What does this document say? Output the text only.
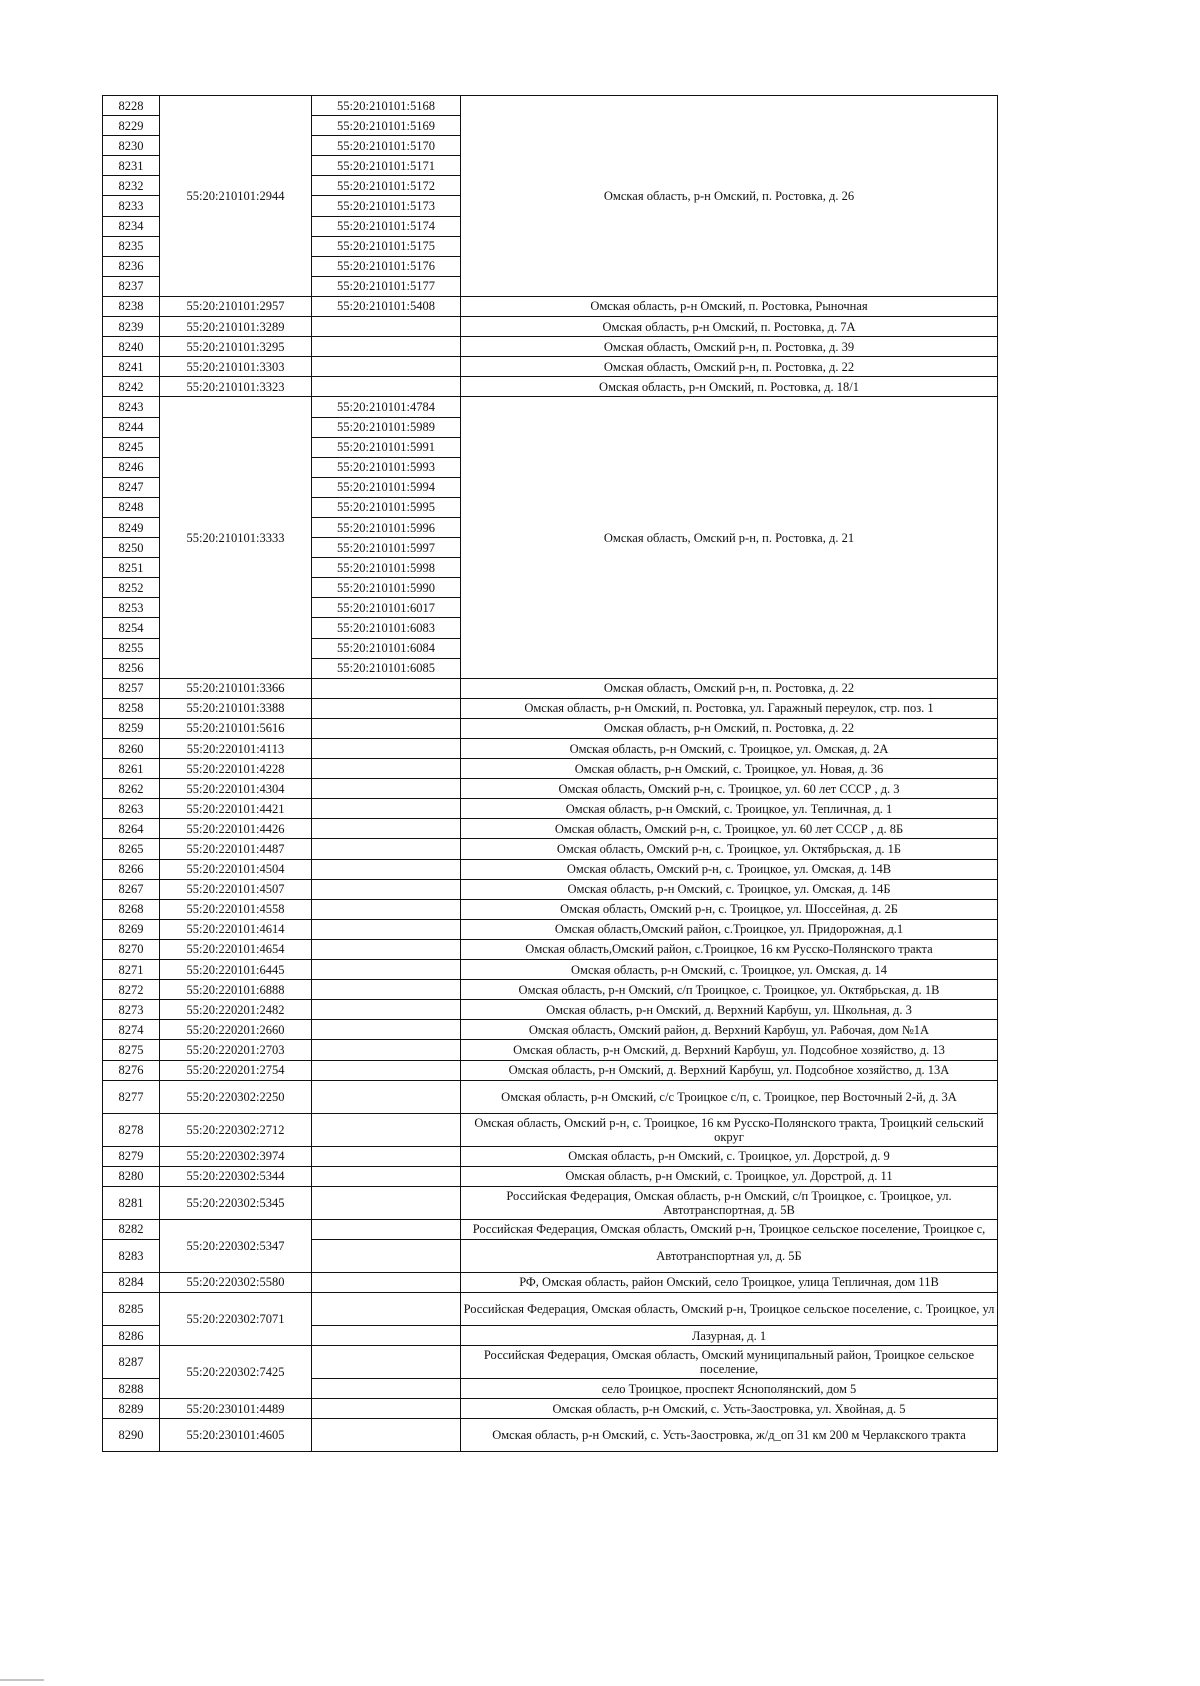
8228	55:20:210101:2944	55:20:210101:5168	Омская область, р-н Омский, п. Ростовка, д. 26
8229		55:20:210101:5169	
8230		55:20:210101:5170	
8231		55:20:210101:5171	
8232		55:20:210101:5172	
8233		55:20:210101:5173	
8234		55:20:210101:5174	
8235		55:20:210101:5175	
8236		55:20:210101:5176	
8237		55:20:210101:5177	
8238	55:20:210101:2957	55:20:210101:5408	Омская область, р-н Омский, п. Ростовка, Рыночная
8239	55:20:210101:3289		Омская область, р-н Омский, п. Ростовка, д. 7А
8240	55:20:210101:3295		Омская область, Омский р-н, п. Ростовка, д. 39
8241	55:20:210101:3303		Омская область, Омский р-н, п. Ростовка, д. 22
8242	55:20:210101:3323		Омская область, р-н Омский, п. Ростовка, д. 18/1
8243	55:20:210101:3333	55:20:210101:4784	Омская область, Омский р-н, п. Ростовка, д. 21
8244		55:20:210101:5989	
8245		55:20:210101:5991	
8246		55:20:210101:5993	
8247		55:20:210101:5994	
8248		55:20:210101:5995	
8249		55:20:210101:5996	
8250		55:20:210101:5997	
8251		55:20:210101:5998	
8252		55:20:210101:5990	
8253		55:20:210101:6017	
8254		55:20:210101:6083	
8255		55:20:210101:6084	
8256		55:20:210101:6085	
8257	55:20:210101:3366		Омская область, Омский р-н, п. Ростовка, д. 22
8258	55:20:210101:3388		Омская область, р-н Омский, п. Ростовка, ул. Гаражный переулок, стр. поз. 1
8259	55:20:210101:5616		Омская область, р-н Омский, п. Ростовка, д. 22
8260	55:20:220101:4113		Омская область, р-н Омский, с. Троицкое, ул. Омская, д. 2А
8261	55:20:220101:4228		Омская область, р-н Омский, с. Троицкое, ул. Новая, д. 36
8262	55:20:220101:4304		Омская область, Омский р-н, с. Троицкое, ул. 60 лет СССР , д. 3
8263	55:20:220101:4421		Омская область, р-н Омский, с. Троицкое, ул. Тепличная, д. 1
8264	55:20:220101:4426		Омская область, Омский р-н, с. Троицкое, ул. 60 лет СССР , д. 8Б
8265	55:20:220101:4487		Омская область, Омский р-н, с. Троицкое, ул. Октябрьская, д. 1Б
8266	55:20:220101:4504		Омская область, Омский р-н, с. Троицкое, ул. Омская, д. 14В
8267	55:20:220101:4507		Омская область, р-н Омский, с. Троицкое, ул. Омская, д. 14Б
8268	55:20:220101:4558		Омская область, Омский р-н, с. Троицкое, ул. Шоссейная, д. 2Б
8269	55:20:220101:4614		Омская область,Омский район, с.Троицкое, ул. Придорожная, д.1
8270	55:20:220101:4654		Омская область,Омский район, с.Троицкое, 16 км Русско-Полянского тракта
8271	55:20:220101:6445		Омская область, р-н Омский, с. Троицкое, ул. Омская, д. 14
8272	55:20:220101:6888		Омская область, р-н Омский, с/п Троицкое, с. Троицкое, ул. Октябрьская, д. 1В
8273	55:20:220201:2482		Омская область, р-н Омский, д. Верхний Карбуш, ул. Школьная, д. 3
8274	55:20:220201:2660		Омская область, Омский район, д. Верхний Карбуш, ул. Рабочая, дом №1А
8275	55:20:220201:2703		Омская область, р-н Омский, д. Верхний Карбуш, ул. Подсобное хозяйство, д. 13
8276	55:20:220201:2754		Омская область, р-н Омский, д. Верхний Карбуш, ул. Подсобное хозяйство, д. 13А
8277	55:20:220302:2250		Омская область, р-н Омский, с/с Троицкое с/п, с. Троицкое, пер Восточный 2-й, д. 3А
8278	55:20:220302:2712		Омская область, Омский р-н, с. Троицкое, 16 км Русско-Полянского тракта, Троицкий сельский округ
8279	55:20:220302:3974		Омская область, р-н Омский, с. Троицкое, ул. Дорстрой, д. 9
8280	55:20:220302:5344		Омская область, р-н Омский, с. Троицкое, ул. Дорстрой, д. 11
8281	55:20:220302:5345		Российская Федерация, Омская область, р-н Омский, с/п Троицкое, с. Троицкое, ул. Автотранспортная, д. 5В
8282	55:20:220302:5347		Российская Федерация, Омская область, Омский р-н, Троицкое сельское поселение, Троицкое с,
8283			Автотранспортная ул, д. 5Б
8284	55:20:220302:5580		РФ, Омская область, район Омский, село Троицкое, улица Тепличная, дом 11В
8285	55:20:220302:7071		Российская Федерация, Омская область, Омский р-н, Троицкое сельское поселение, с. Троицкое, ул
8286			Лазурная, д. 1
8287	55:20:220302:7425		Российская Федерация, Омская область, Омский муниципальный район, Троицкое сельское поселение,
8288			село Троицкое, проспект Яснополянский, дом 5
8289	55:20:230101:4489		Омская область, р-н Омский, с. Усть-Заостровка, ул. Хвойная, д. 5
8290	55:20:230101:4605		Омская область, р-н Омский, с. Усть-Заостровка, ж/д_оп 31 км 200 м Черлакского тракта
